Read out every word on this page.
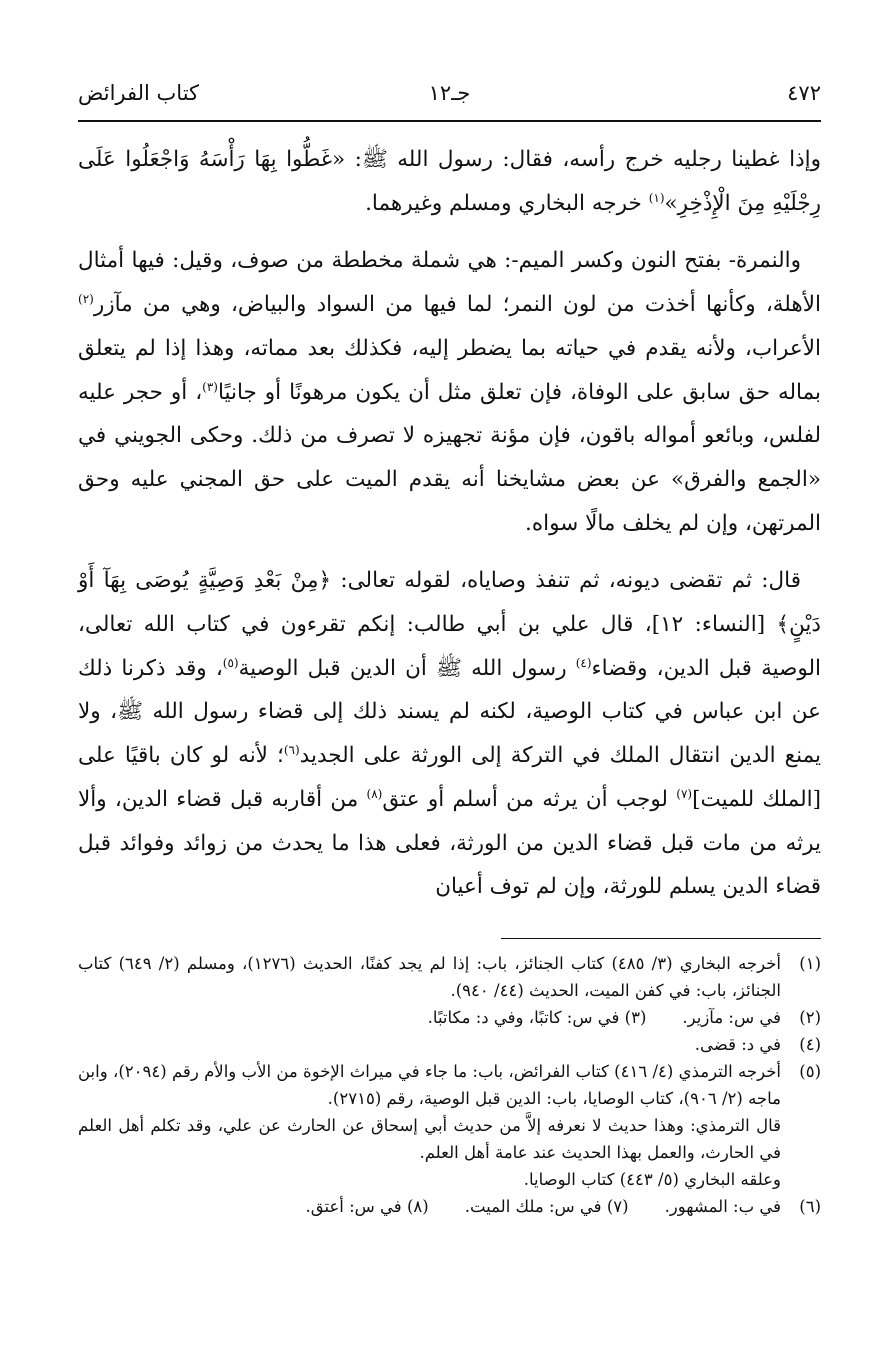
٤٧٢
جـ١٢
كتاب الفرائض

وإذا غطينا رجليه خرج رأسه، فقال: رسول الله ﷺ: «غَطُّوا بِهَا رَأْسَهُ وَاجْعَلُوا عَلَى رِجْلَيْهِ مِنَ الْإِذْخِرِ»$^{(١)}$ خرجه البخاري ومسلم وغيرهما.

والنمرة- بفتح النون وكسر الميم-: هي شملة مخططة من صوف، وقيل: فيها أمثال الأهلة، وكأنها أخذت من لون النمر؛ لما فيها من السواد والبياض، وهي من مآزر$^{(٢)}$ الأعراب، ولأنه يقدم في حياته بما يضطر إليه، فكذلك بعد مماته، وهذا إذا لم يتعلق بماله حق سابق على الوفاة، فإن تعلق مثل أن يكون مرهونًا أو جانيًا$^{(٣)}$، أو حجر عليه لفلس، وبائعو أمواله باقون، فإن مؤنة تجهيزه لا تصرف من ذلك. وحكى الجويني في «الجمع والفرق» عن بعض مشايخنا أنه يقدم الميت على حق المجني عليه وحق المرتهن، وإن لم يخلف مالًا سواه.

قال: ثم تقضى ديونه، ثم تنفذ وصاياه، لقوله تعالى: ﴿مِنْ بَعْدِ وَصِيَّةٍ يُوصَى بِهَآ أَوْ دَيْنٍ﴾ [النساء: ١٢]، قال علي بن أبي طالب: إنكم تقرءون في كتاب الله تعالى، الوصية قبل الدين، وقضاء$^{(٤)}$ رسول الله ﷺ أن الدين قبل الوصية$^{(٥)}$، وقد ذكرنا ذلك عن ابن عباس في كتاب الوصية، لكنه لم يسند ذلك إلى قضاء رسول الله ﷺ، ولا يمنع الدين انتقال الملك في التركة إلى الورثة على الجديد$^{(٦)}$؛ لأنه لو كان باقيًا على [الملك للميت]$^{(٧)}$ لوجب أن يرثه من أسلم أو عتق$^{(٨)}$ من أقاربه قبل قضاء الدين، وألا يرثه من مات قبل قضاء الدين من الورثة، فعلى هذا ما يحدث من زوائد وفوائد قبل قضاء الدين يسلم للورثة، وإن لم توف أعيان

(١)
أخرجه البخاري (٣/ ٤٨٥) كتاب الجنائز، باب: إذا لم يجد كفنًا، الحديث (١٢٧٦)، ومسلم (٢/ ٦٤٩) كتاب الجنائز، باب: في كفن الميت، الحديث (٤٤/ ٩٤٠).
(٢)
في س: مآزير.(٣) في س: كاتبًا، وفي د: مكاتبًا.
(٤)
في د: قضى.
(٥)
أخرجه الترمذي (٤/ ٤١٦) كتاب الفرائض، باب: ما جاء في ميراث الإخوة من الأب والأم رقم (٢٠٩٤)، وابن ماجه (٢/ ٩٠٦)، كتاب الوصايا، باب: الدين قبل الوصية، رقم (٢٧١٥).
قال الترمذي: وهذا حديث لا نعرفه إلاَّ من حديث أبي إسحاق عن الحارث عن علي، وقد تكلم أهل العلم في الحارث، والعمل بهذا الحديث عند عامة أهل العلم.
وعلقه البخاري (٥/ ٤٤٣) كتاب الوصايا.
(٦)
في ب: المشهور.(٧) في س: ملك الميت.(٨) في س: أعتق.
